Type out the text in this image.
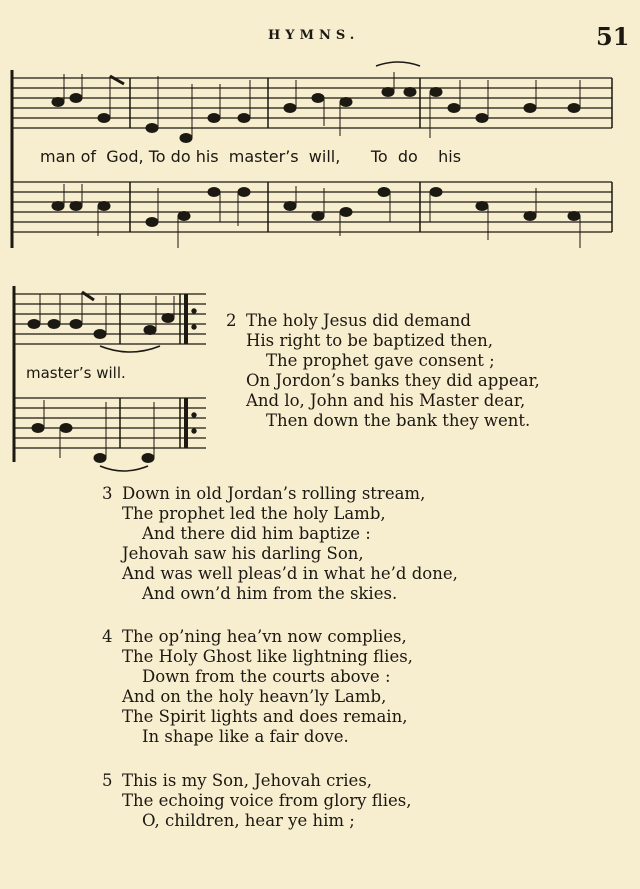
HYMNS.	51
man of  God, To do his  master’s  will,      To  do    his
master’s will.
2 The holy Jesus did demand
His right to be baptized then,
The prophet gave consent ;
On Jordon’s banks they did appear,
And lo, John and his Master dear,
Then down the bank they went.
3 Down in old Jordan’s rolling stream,
The prophet led the holy Lamb,
And there did him baptize :
Jehovah saw his darling Son,
And was well pleas’d in what he’d done,
And own’d him from the skies.
4 The op’ning hea’vn now complies,
The Holy Ghost like lightning flies,
Down from the courts above :
And on the holy heavn’ly Lamb,
The Spirit lights and does remain,
In shape like a fair dove.
5 This is my Son, Jehovah cries,
The echoing voice from glory flies,
O, children, hear ye him ;
